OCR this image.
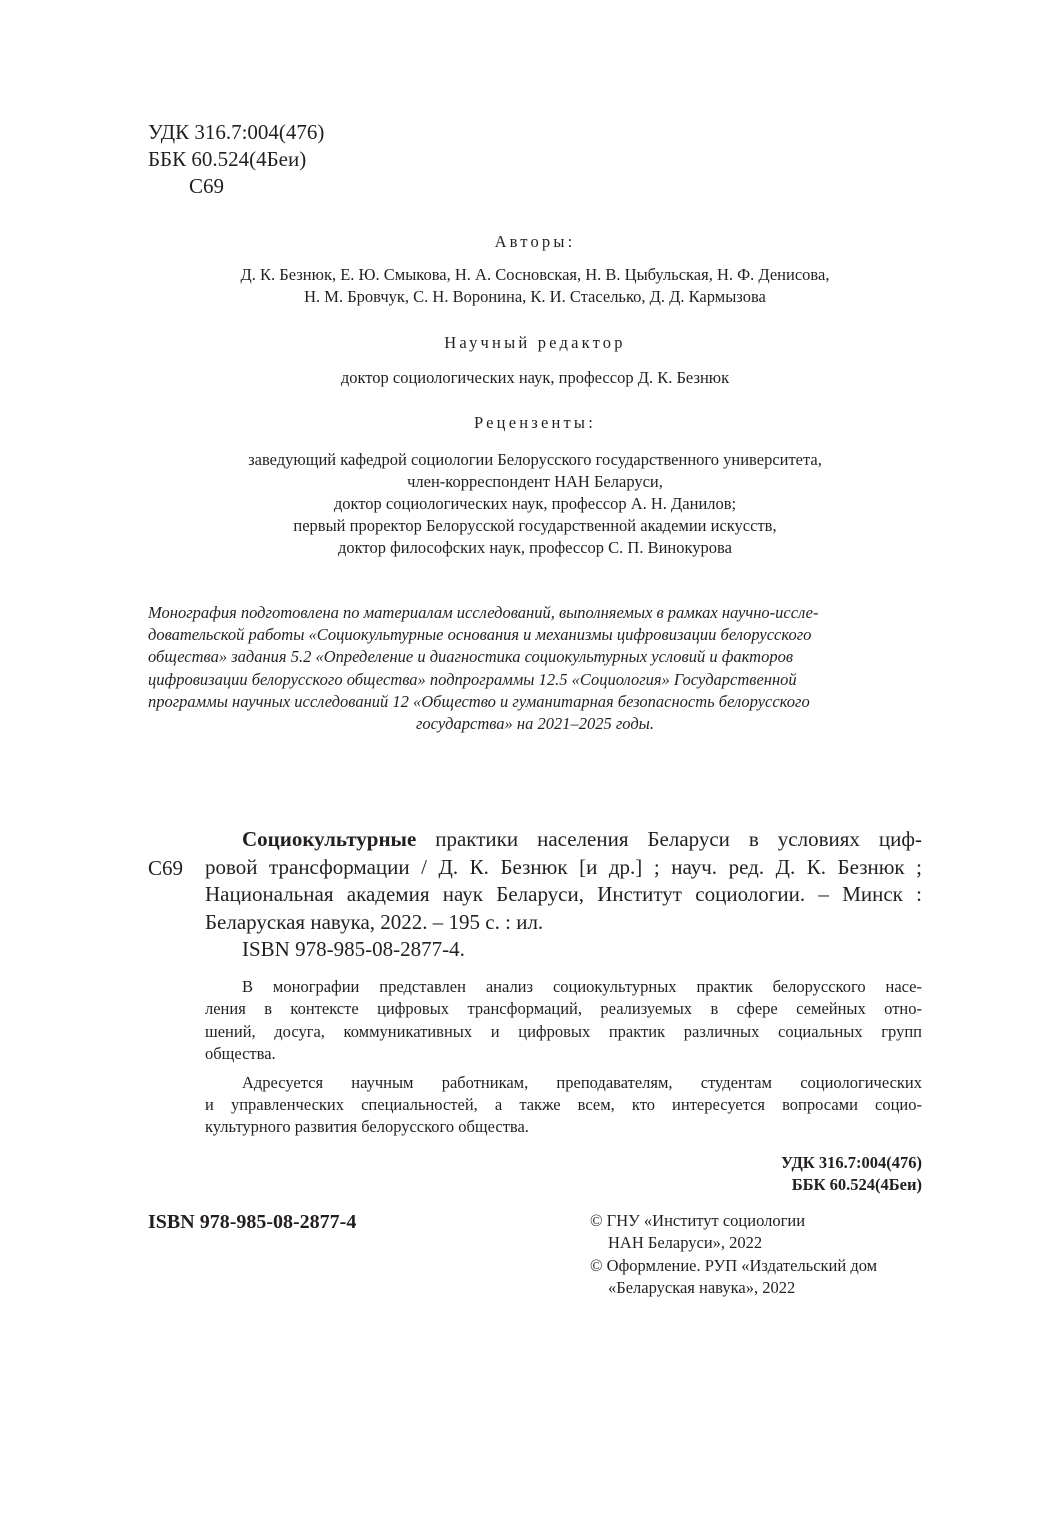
УДК 316.7:004(476)
ББК 60.524(4Беи)
С69
Авторы:
Д. К. Безнюк, Е. Ю. Смыкова, Н. А. Сосновская, Н. В. Цыбульская, Н. Ф. Денисова,
Н. М. Бровчук, С. Н. Воронина, К. И. Стаселько, Д. Д. Кармызова
Научный редактор
доктор социологических наук, профессор Д. К. Безнюк
Рецензенты:
заведующий кафедрой социологии Белорусского государственного университета,
член-корреспондент НАН Беларуси,
доктор социологических наук, профессор А. Н. Данилов;
первый проректор Белорусской государственной академии искусств,
доктор философских наук, профессор С. П. Винокурова
Монография подготовлена по материалам исследований, выполняемых в рамках научно-иссле-
довательской работы «Социокультурные основания и механизмы цифровизации белорусского
общества» задания 5.2 «Определение и диагностика социокультурных условий и факторов
цифровизации белорусского общества» подпрограммы 12.5 «Социология» Государственной
программы научных исследований 12 «Общество и гуманитарная безопасность белорусского
государства» на 2021–2025 годы.
С69
Социокультурные практики населения Беларуси в условиях циф-
ровой трансформации / Д. К. Безнюк [и др.] ; науч. ред. Д. К. Безнюк ;
Национальная академия наук Беларуси, Институт социологии. – Минск :
Беларуская навука, 2022. – 195 с. : ил.
ISBN 978-985-08-2877-4.
В монографии представлен анализ социокультурных практик белорусского насе-
ления в контексте цифровых трансформаций, реализуемых в сфере семейных отно-
шений, досуга, коммуникативных и цифровых практик различных социальных групп
общества.
Адресуется научным работникам, преподавателям, студентам социологических
и управленческих специальностей, а также всем, кто интересуется вопросами социо-
культурного развития белорусского общества.
УДК 316.7:004(476)
ББК 60.524(4Беи)
ISBN 978-985-08-2877-4	© ГНУ «Институт социологии
НАН Беларуси», 2022
© Оформление. РУП «Издательский дом
«Беларуская навука», 2022
